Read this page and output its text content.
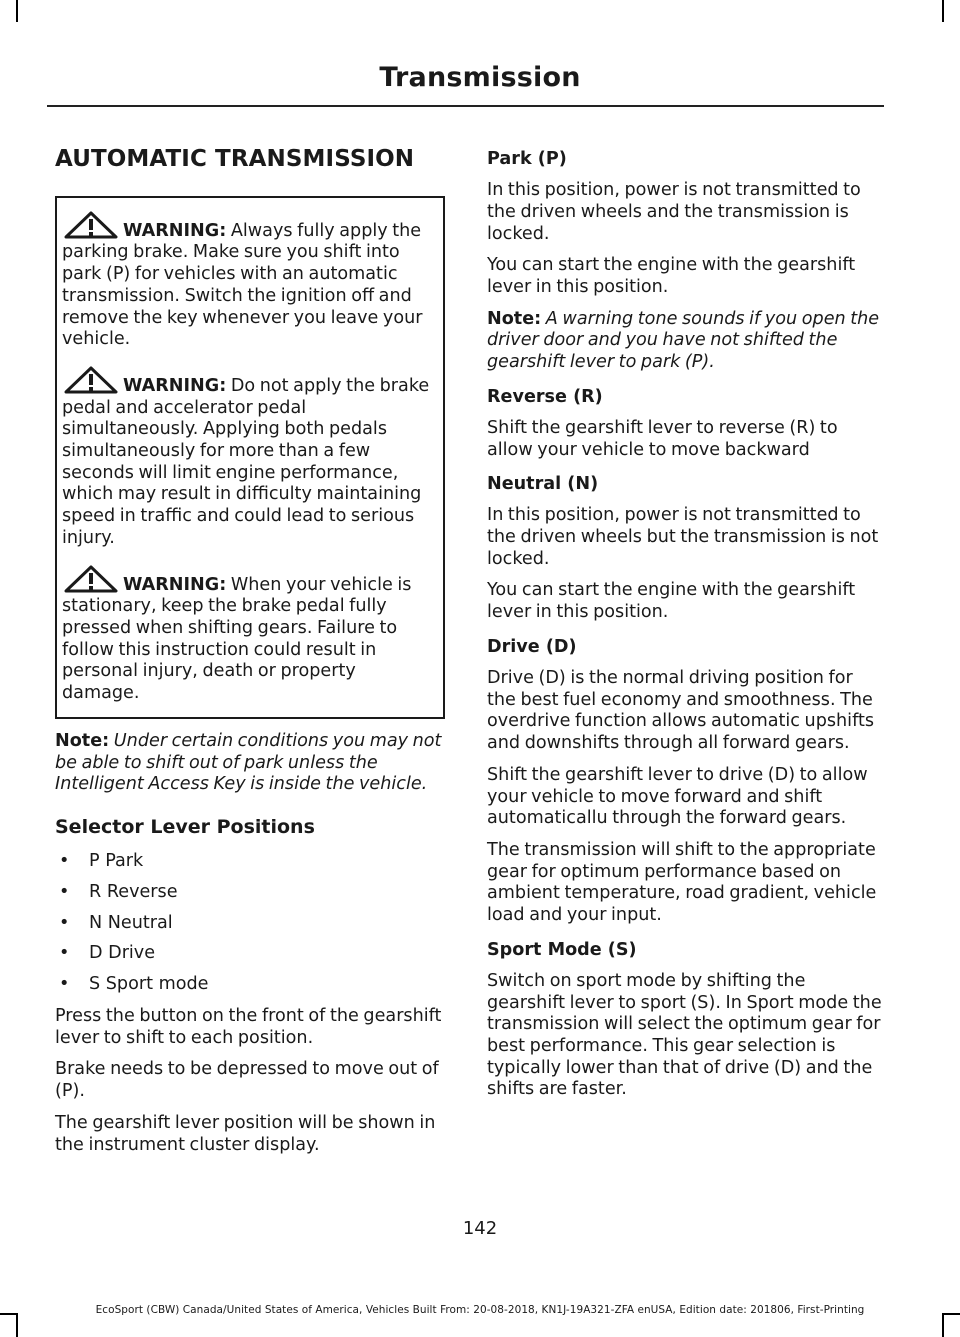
Transmission
AUTOMATIC TRANSMISSION

WARNING: Always fully apply the parking brake. Make sure you shift into park (P) for vehicles with an automatic transmission. Switch the ignition off and remove the key whenever you leave your vehicle.

WARNING: Do not apply the brake pedal and accelerator pedal simultaneously. Applying both pedals simultaneously for more than a few seconds will limit engine performance, which may result in difficulty maintaining speed in traffic and could lead to serious injury.

WARNING: When your vehicle is stationary, keep the brake pedal fully pressed when shifting gears. Failure to follow this instruction could result in personal injury, death or property damage.

Note: Under certain conditions you may not be able to shift out of park unless the Intelligent Access Key is inside the vehicle.

Selector Lever Positions
• P Park
• R Reverse
• N Neutral
• D Drive
• S Sport mode

Press the button on the front of the gearshift lever to shift to each position.

Brake needs to be depressed to move out of (P).

The gearshift lever position will be shown in the instrument cluster display.

Park (P)

In this position, power is not transmitted to the driven wheels and the transmission is locked.

You can start the engine with the gearshift lever in this position.

Note: A warning tone sounds if you open the driver door and you have not shifted the gearshift lever to park (P).

Reverse (R)

Shift the gearshift lever to reverse (R) to allow your vehicle to move backward

Neutral (N)

In this position, power is not transmitted to the driven wheels but the transmission is not locked.

You can start the engine with the gearshift lever in this position.

Drive (D)

Drive (D) is the normal driving position for the best fuel economy and smoothness. The overdrive function allows automatic upshifts and downshifts through all forward gears.

Shift the gearshift lever to drive (D) to allow your vehicle to move forward and shift automaticallu through the forward gears.

The transmission will shift to the appropriate gear for optimum performance based on ambient temperature, road gradient, vehicle load and your input.

Sport Mode (S)

Switch on sport mode by shifting the gearshift lever to sport (S). In Sport mode the transmission will select the optimum gear for best performance. This gear selection is typically lower than that of drive (D) and the shifts are faster.

142
EcoSport (CBW) Canada/United States of America, Vehicles Built From: 20-08-2018, KN1J-19A321-ZFA enUSA, Edition date: 201806, First-Printing
